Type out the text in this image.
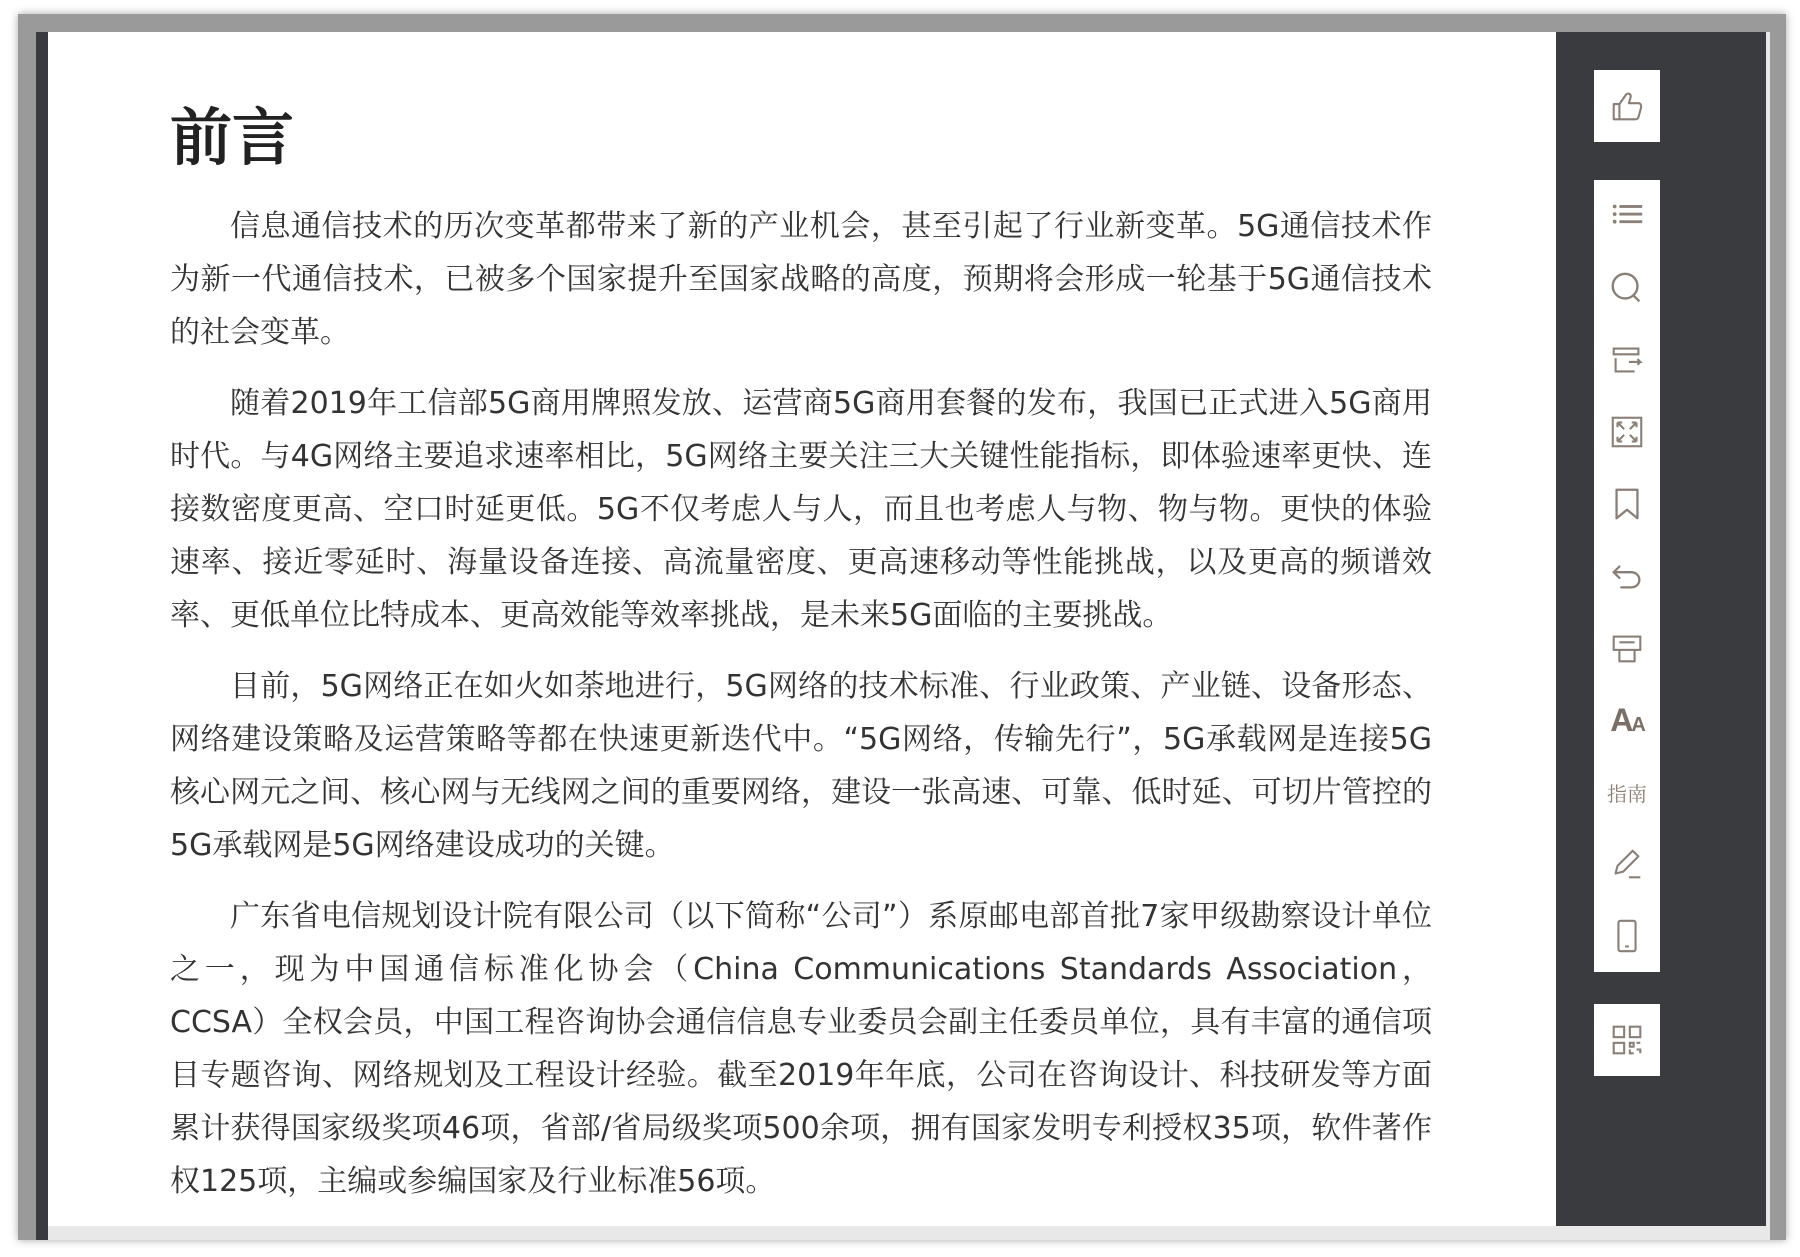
前言

信息通信技术的历次变革都带来了新的产业机会，甚至引起了行业新变革。5G通信技术作为新一代通信技术，已被多个国家提升至国家战略的高度，预期将会形成一轮基于5G通信技术的社会变革。

随着2019年工信部5G商用牌照发放、运营商5G商用套餐的发布，我国已正式进入5G商用时代。与4G网络主要追求速率相比，5G网络主要关注三大关键性能指标，即体验速率更快、连接数密度更高、空口时延更低。5G不仅考虑人与人，而且也考虑人与物、物与物。更快的体验速率、接近零延时、海量设备连接、高流量密度、更高速移动等性能挑战，以及更高的频谱效率、更低单位比特成本、更高效能等效率挑战，是未来5G面临的主要挑战。

目前，5G网络正在如火如荼地进行，5G网络的技术标准、行业政策、产业链、设备形态、网络建设策略及运营策略等都在快速更新迭代中。“5G网络，传输先行”，5G承载网是连接5G核心网元之间、核心网与无线网之间的重要网络，建设一张高速、可靠、低时延、可切片管控的5G承载网是5G网络建设成功的关键。

广东省电信规划设计院有限公司（以下简称“公司”）系原邮电部首批7家甲级勘察设计单位之一，现为中国通信标准化协会（China Communications Standards Association，CCSA）全权会员，中国工程咨询协会通信信息专业委员会副主任委员单位，具有丰富的通信项目专题咨询、网络规划及工程设计经验。截至2019年年底，公司在咨询设计、科技研发等方面累计获得国家级奖项46项，省部/省局级奖项500余项，拥有国家发明专利授权35项，软件著作权125项，主编或参编国家及行业标准56项。

AA
指南
